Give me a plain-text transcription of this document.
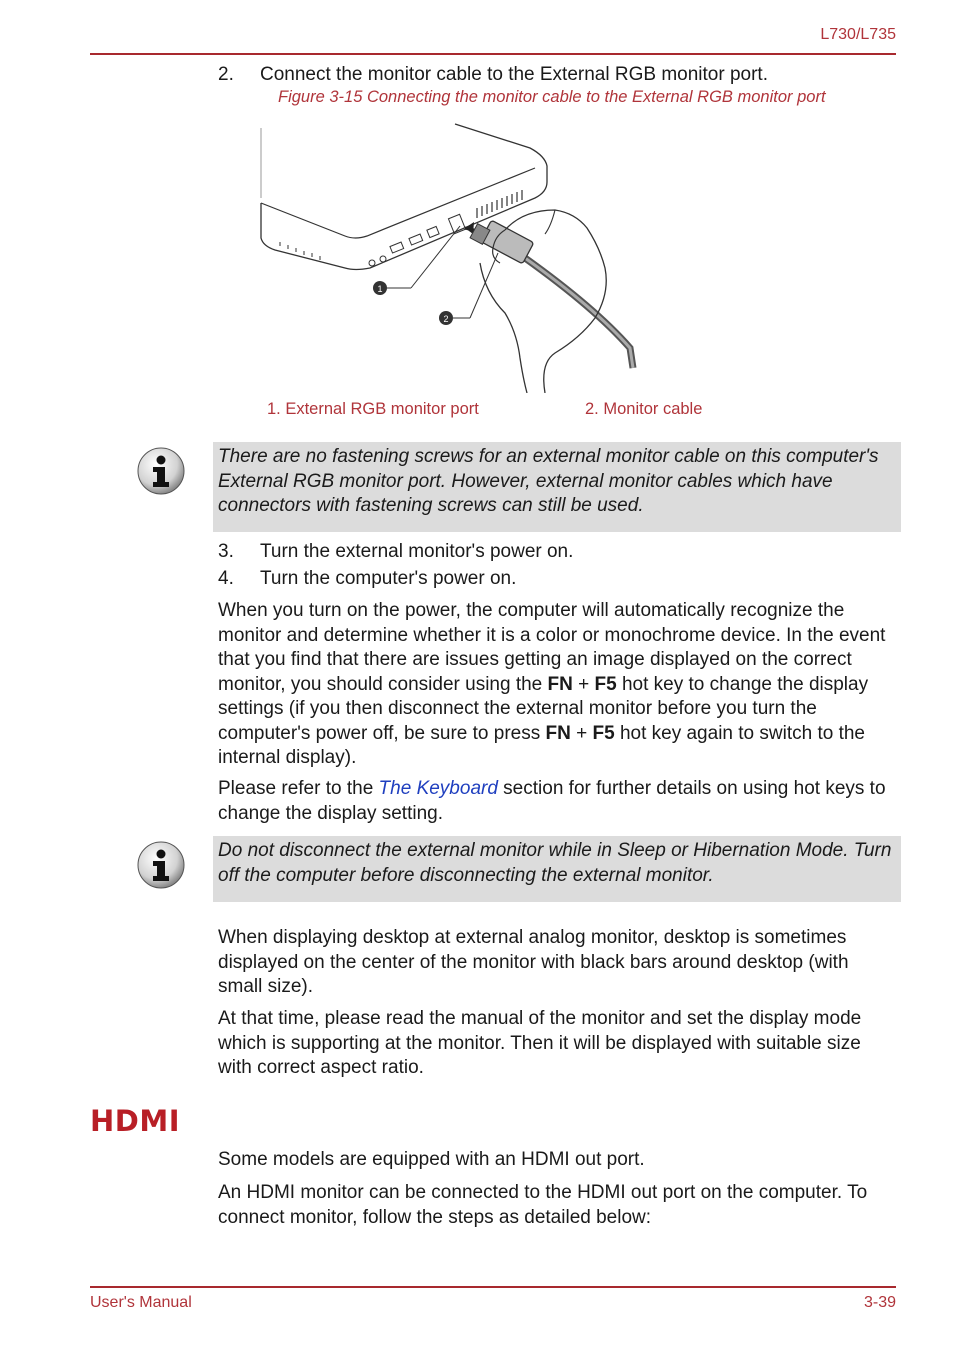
L730/L735
2. Connect the monitor cable to the External RGB monitor port.
Figure 3-15 Connecting the monitor cable to the External RGB monitor port
1
2
1. External RGB monitor port	2. Monitor cable
There are no fastening screws for an external monitor cable on this computer's External RGB monitor port. However, external monitor cables which have connectors with fastening screws can still be used.
3. Turn the external monitor's power on.
4. Turn the computer's power on.
When you turn on the power, the computer will automatically recognize the monitor and determine whether it is a color or monochrome device. In the event that you find that there are issues getting an image displayed on the correct monitor, you should consider using the FN + F5 hot key to change the display settings (if you then disconnect the external monitor before you turn the computer's power off, be sure to press FN + F5 hot key again to switch to the internal display).
Please refer to the The Keyboard section for further details on using hot keys to change the display setting.
Do not disconnect the external monitor while in Sleep or Hibernation Mode. Turn off the computer before disconnecting the external monitor.
When displaying desktop at external analog monitor, desktop is sometimes displayed on the center of the monitor with black bars around desktop (with small size).
At that time, please read the manual of the monitor and set the display mode which is supporting at the monitor. Then it will be displayed with suitable size with correct aspect ratio.
HDMI
Some models are equipped with an HDMI out port.
An HDMI monitor can be connected to the HDMI out port on the computer. To connect monitor, follow the steps as detailed below:
User's Manual	3-39
